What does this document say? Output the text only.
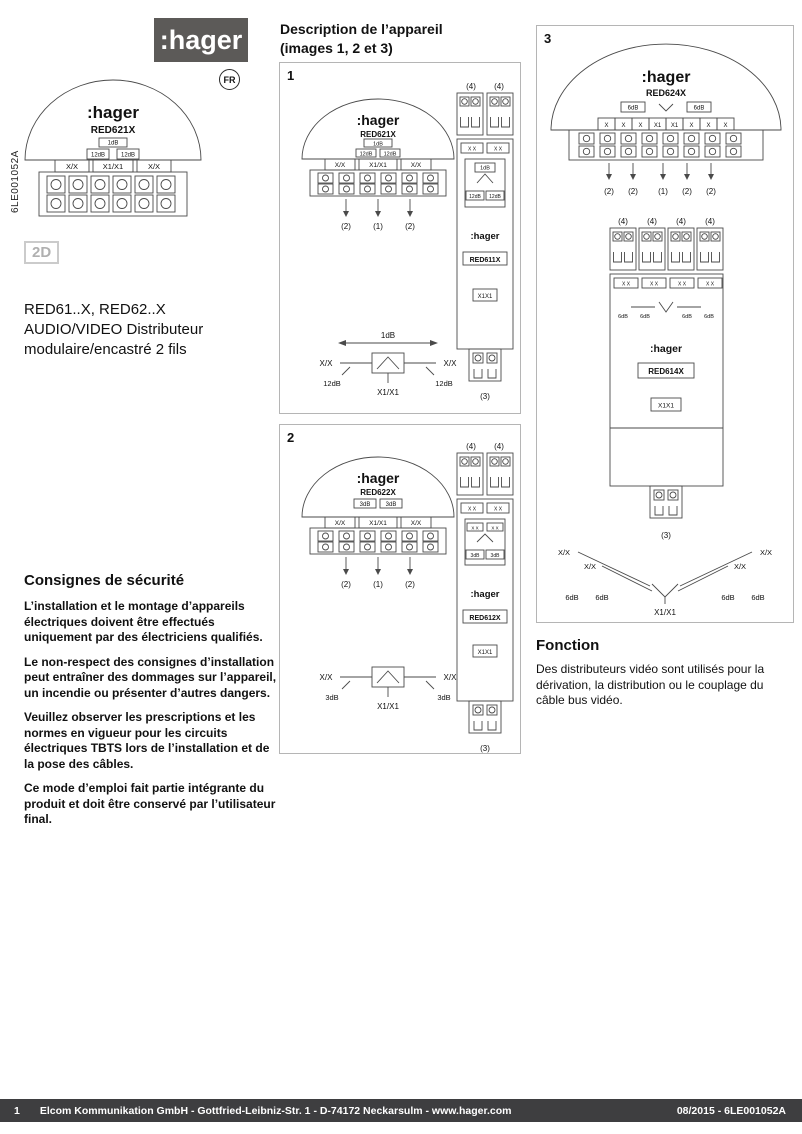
6LE001052A
:hager
FR
:hager
RED621X
1dB
12dB	12dB
X/X	X1/X1	X/X
2D
RED61..X, RED62..X
AUDIO/VIDEO Distributeur
modulaire/encastré 2 fils
Consignes de sécurité

L’installation et le montage d’appareils électriques doivent être effectués uniquement par des électriciens qualifiés.

Le non-respect des consignes d’installation peut entraîner des dommages sur l’appareil, un incendie ou présenter d’autres dangers.

Veuillez observer les prescriptions et les normes en vigueur pour les circuits électriques TBTS lors de l’installation et de la pose des câbles.

Ce mode d’emploi fait partie intégrante du produit et doit être conservé par l’utilisateur final.

Description de l’appareil
(images 1, 2 et 3)
1
:hager
RED621X
1dB
12dB 12dB
X/X	X1/X1	X/X
(2)	(1)	(2)
1dB
X/X	X/X
12dB	12dB
X1/X1
(4) (4)
X X	X X
1dB
12dB 12dB
:hager
RED611X
X1X1
(3)
2
:hager
RED622X
3dB	3dB
X/X	X1/X1	X/X
(2)	(1)	(2)
X/X	X/X
3dB	3dB
X1/X1
(4) (4)
X X	X X
X X	X X
3dB 3dB
:hager
RED612X
X1X1
(3)
3
:hager
RED624X
6dB	6dB
X X X X1 X1 X X X
(2) (2)	(1) (2) (2)
(4) (4) (4) (4)
X X	X X	X X	X X
6dB 6dB	6dB 6dB
:hager
RED614X
X1X1
(3)
X/X
X/X
X/X
X/X
6dB 6dB	6dB 6dB
X1/X1
Fonction

Des distributeurs vidéo sont utilisés pour la dérivation, la distribution ou le couplage du câble bus vidéo.

1 Elcom Kommunikation GmbH - Gottfried-Leibniz-Str. 1 - D-74172 Neckarsulm - www.hager.com	08/2015 - 6LE001052A
